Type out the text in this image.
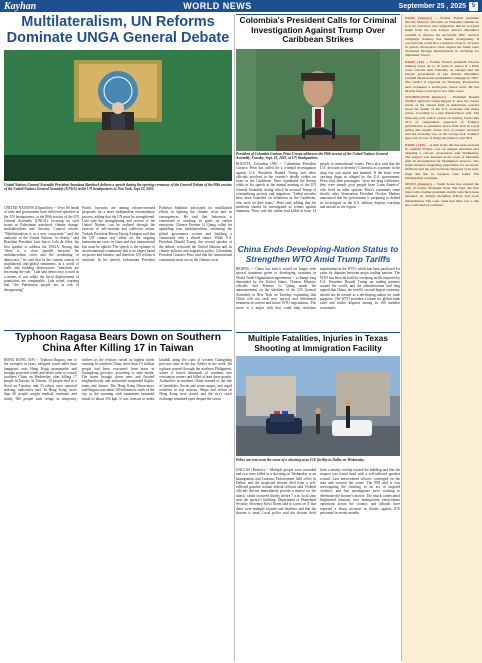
Kayhan	WORLD NEWS	September 25 , 2025 5
Multilateralism, UN Reforms Dominate UNGA General Debate
United Nations General Assembly President Annalena Baerbock delivers a speech during the opening ceremony of the General Debate of the 80th session of the United Nations General Assembly (UNGA) at the UN headquarters in New York, Sept 23, 2025.
UNITED NATIONS (Dispatches) -- Over 80 heads of state and government have delivered speeches at the UN headquarters, at the 80th session of the UN General Assembly (UNGA), focusing on such issues as Palestinian statehood, climate change, multilateralism and Security Council reform. "Multilateralism is at a new crossroads," said the authority of the United Nations "is clearly," said Brazilian President Luiz Inacio Lula da Silva, the first speaker to address the UNGA. Noting that "there is a close parallel between the multilateralism crisis and the weakening of democracy," he said that in the current context of multilateral, anti-global sentiments, in a world of walls and building democracies "sanctions are becoming the rule." Lula said democracy is used as a means of war while the fiscal displacement of population are comparable. Lula noted, warning that "the Palestinian people are at risk of disappearing"
Putin's forecasts are among reform-oriented proposals for a more independent reformulation process, adding that the UN must be strengthened. Lula said the strengthening and reform of the United Nations can be realized through the exercise of self-restraint and collective action. Turkish President Recep Tayyip Erdogan said that the UN cannot stay silent on the ongoing humanitarian crisis in Gaza and that international law must be upheld. The speech is the epitome of an international community that is no longer based on justice and fairness, and therefore UN reform is essential. In his speech, Indonesian President Prabowo Subianto advocated for multilateral efforts in fighting the climate crisis and its consequences. He said that Indonesia is committed to reaching its goals on carbon emissions. Chinese Premier Li Qiang called for upholding true multilateralism, reforming the global governance system and building a community with a shared future. While U.S. President Donald Trump, the second speaker of the debate, criticized the United Nations and its climate policies and migration policy. Colombian President Gustavo Petro said that the international community must act on the climate crisis.
Colombia's President Calls for Criminal Investigation Against Trump Over Caribbean Strikes
President of Colombia Gustavo Petro Urrego addresses the 80th session of the United Nations General Assembly, Tuesday, Sept. 23, 2025, at UN headquarters.
BOGOTA, Colombia (AP) -- Colombian President Gustavo Petro has called for a criminal investigation against U.S. President Donald Trump and other officials involved in the country's deadly strikes on boats in the Caribbean. Petro repudiated the threats while in his speech at the annual meeting of the UN General Assembly during which he accused Trump of criminalizing poverty and migration. "Lethal missiles have been launched on fishermen in the Caribbean, who were on their boats," Petro said, adding that the incidents should be investigated as crimes against humanity. Petro said the strikes had killed at least 14 people in international waters. Petro also said that the U.S. decision to decertify Colombia as a partner in the drug war was unjust and harmful. If the boats were carrying drugs as alleged by the U.S. government, Petro said, their passengers "were not drug traffickers, they were simply poor people from Latin America" who lived on other options. Petro's comments came shortly after Venezuelan President Nicolas Maduro announced that his government is preparing to defend its sovereignty as the U.S. military deploys warships and aircraft in the region.
China Ends Developing-Nation Status to Strengthen WTO Amid Trump Tariffs
BEIJING -- China has said it would no longer seek special treatment given to developing countries in World Trade Organization agreements -- a change long demanded by the United States. Chinese Ministry officials said Premier Li Qiang made the announcement on the sidelines of the UN General Assembly in New York on Tuesday, explaining that China will not seek new special and differential treatment in current and future WTO negotiations. The move is a major shift that could help revitalize negotiations at the WTO, which has been paralyzed for years by disputes between major trading nations. The WTO has been hit hard by sweeping tariffs imposed by U.S. President Donald Trump on trading partners around the world, and the administration had long argued that China, the world's second-largest economy, should not be treated as a developing nation for trade purposes. The WTO provides a forum for global trade rules and settles disputes among its 166 member economies.
Typhoon Ragasa Bears Down on Southern China After Killing 17 in Taiwan
HONG KONG (AP) -- Typhoon Ragasa, one of the strongest in years, whipped waves taller than lampposts onto Hong Kong promenades and brought powerful winds and heavy rains to coastal southern China on Wednesday after killing 17 people in Taiwan. In Taiwan, 14 people died in a flood on Tuesday, and 33 others were reported missing, authorities said. In Hong Kong, more than 60 people sought medical treatment and nearly 900 people took refuge in temporary shelters as the territory raised its highest storm warning. In southern China, more than 1.9 million people had been evacuated from areas in Guangdong province, according to state media. The storm brought down trees and flooded neighborhoods, and authorities suspended flights, trains and classes. The Hong Kong Observatory said Ragasa was about 100 kilometers south of the city in the morning with maximum sustained winds of about 195 kph. It was forecast to make landfall along the coast of western Guangdong province later in the day. Earlier in the week, the typhoon passed through the northern Philippines, where it forced thousands of residents into evacuation centers and killed at least three people. Authorities in southern China warned of the risk of landslides, floods and storm surges, and urged residents to stay indoors. Shops and offices in Hong Kong were closed, and the city's stock exchange remained open despite the storm.
Multiple Fatalities, Injuries in Texas Shooting at Immigration Facility
Police are seen near the scene of a shooting at an ICE facility in Dallas on Wednesday.
DALLAS (Reuters) -- Multiple people were wounded and two were killed in a shooting on Wednesday at an Immigration and Customs Enforcement field office in Dallas, and the suspected shooter died from a self-inflicted gunshot wound, federal officials said. Federal officials did not immediately provide a motive for the attack, which occurred shortly before 7 a.m. local time near the agency's building. Department of Homeland Security Secretary Kristi Noem said in a post on X that there were multiple injuries and fatalities and that the shooter is dead. Local police said the shooter fired from a nearby rooftop toward the building and that the suspect was found dead with a self-inflicted gunshot wound. Law enforcement officers converged on the area and secured the scene. The FBI said it was investigating the shooting as an act of targeted violence, and that investigators were working to determine the shooter's motive. The attack comes amid heightened tensions over immigration enforcement operations across the country, and officials have reported a sharp increase in threats against ICE personnel in recent months.
PARIS (Reuters) -- Former French president Nicolas Sarkozy will learn on Thursday whether he is to be convicted over allegations that he accepted funds from the late Libyan dictator Muammar Gaddafi to finance his successful 2007 election campaign. Sarkozy has denied wrongdoing. If convicted he could face a sentence of up to 10 years in prison. Prosecutors have argued the funds were channeled through intermediaries in exchange for diplomatic favors.
PARIS (AP) -- Former French president Nicolas Sarkozy faces up to 10 years in prison if a Paris court convicts him Thursday on charges that the Libyan government of late dictator Muammar Gaddafi financed his presidential campaign in 2007. The verdict is expected on Thursday. Prosecutors have requested a seven-year prison term. He has already been convicted in two other cases.
WASHINGTON (Reuters) -- President Donald Trump's approval rating slipped to near the lowest levels of his current term as Americans worried about the health of the U.S. economy and rising prices, according to a new Reuters/Ipsos poll. The three-day poll, which closed on Sunday, found that 41% of respondents approved of Trump's performance as president, down from 42% in a poll earlier this month. Some 54% of people surveyed said the economy was on the wrong track. Trump's approval on cost of living has fallen to just 30%.
PARIS (AFP) -- A man in his 40s has been arrested in southern France over an alleged extremist plot targeting a concert, prosecutors said Wednesday. The suspect was detained in the town of Marseille after an investigation by intelligence services, who found material suggesting preparation for an attack. Officials said the plot had been disrupted at an early stage and that no weapons were found. The investigation continues.
SEOUL (Reuters) -- South Korea has arrested the wife of former President Yoon Suk Yeol, the first time both a former president and his wife have been detained, on charges including bribery and stock manipulation. The court ruled that there was a risk she could destroy evidence.
